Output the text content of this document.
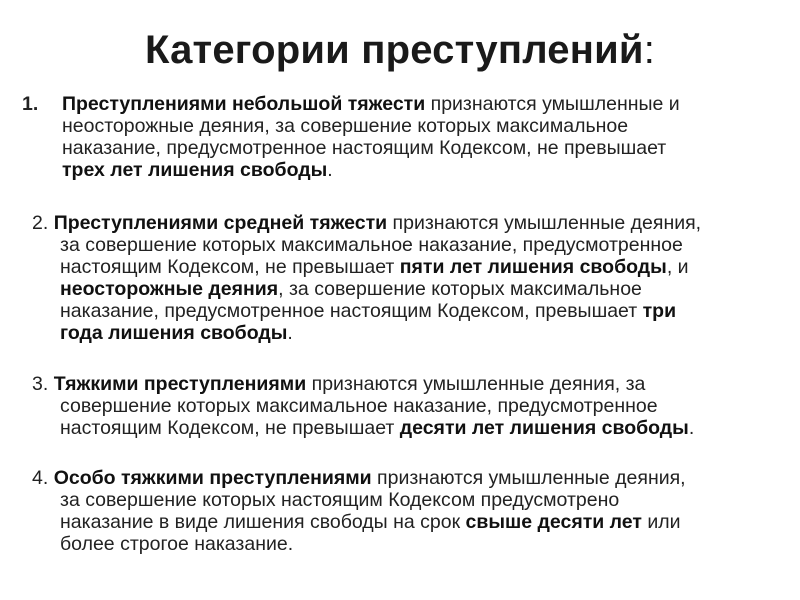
Категории преступлений:
1. Преступлениями небольшой тяжести признаются умышленные и
неосторожные деяния, за совершение которых максимальное
наказание, предусмотренное настоящим Кодексом, не превышает
трех лет лишения свободы.
2. Преступлениями средней тяжести признаются умышленные деяния,
за совершение которых максимальное наказание, предусмотренное
настоящим Кодексом, не превышает пяти лет лишения свободы, и
неосторожные деяния, за совершение которых максимальное
наказание, предусмотренное настоящим Кодексом, превышает три
года лишения свободы.
3. Тяжкими преступлениями признаются умышленные деяния, за
совершение которых максимальное наказание, предусмотренное
настоящим Кодексом, не превышает десяти лет лишения свободы.
4. Особо тяжкими преступлениями признаются умышленные деяния,
за совершение которых настоящим Кодексом предусмотрено
наказание в виде лишения свободы на срок свыше десяти лет или
более строгое наказание.
